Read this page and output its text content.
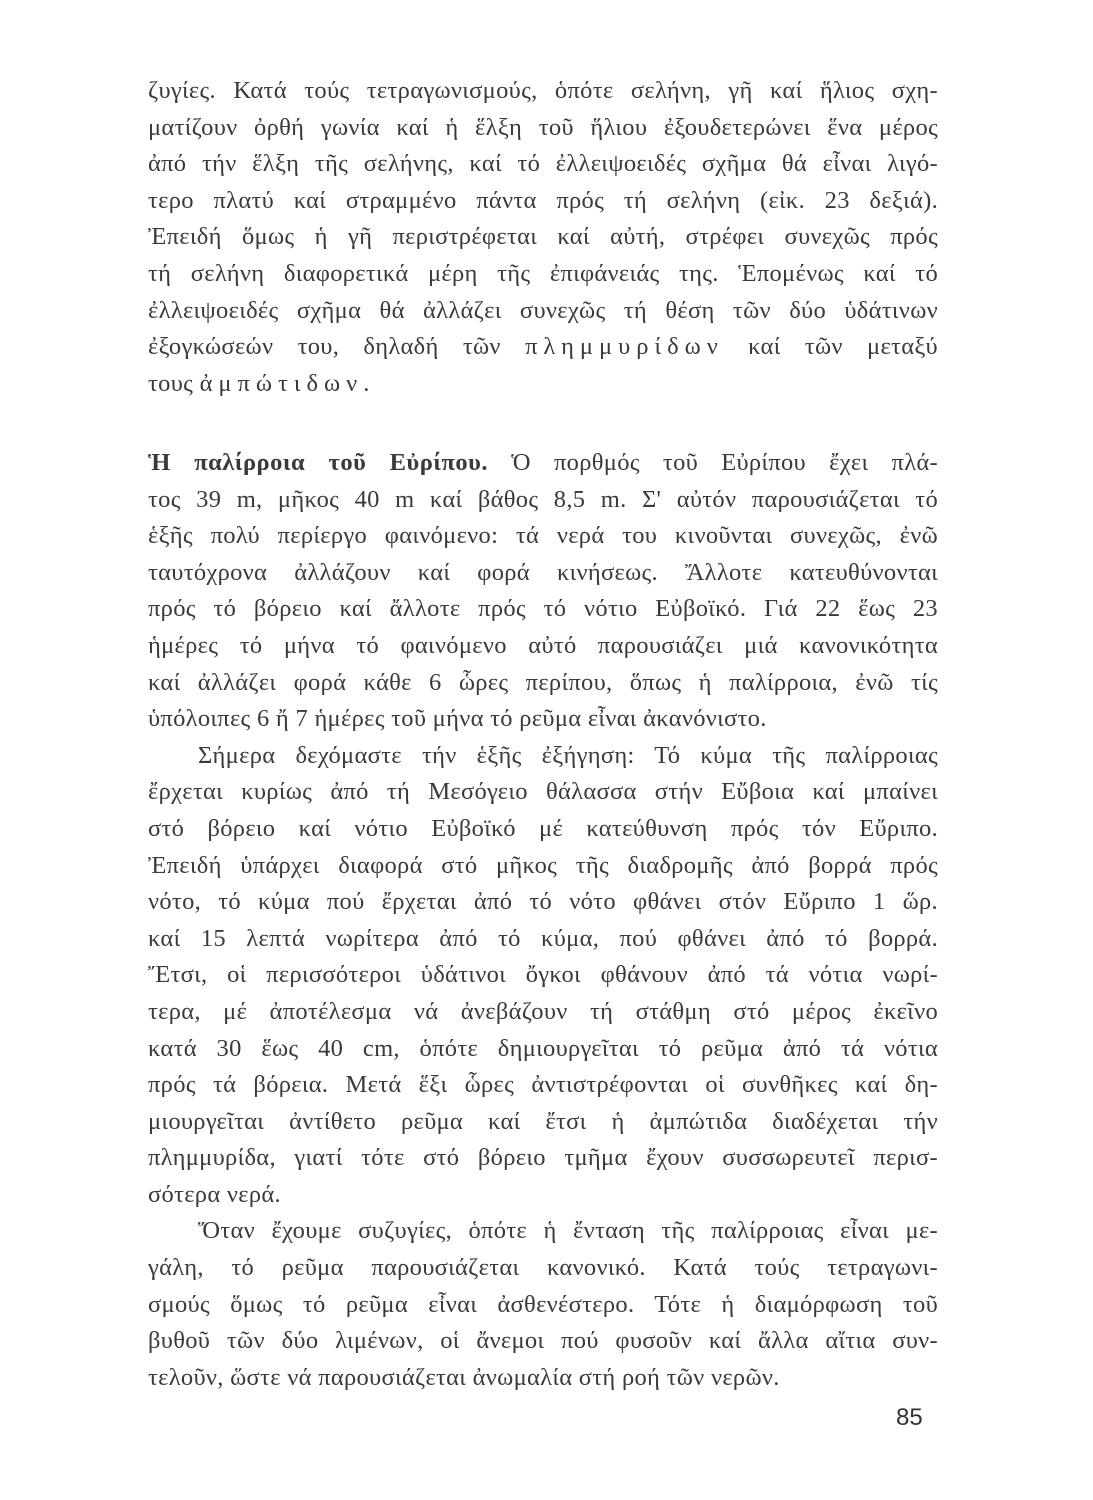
ζυγίες. Κατά τούς τετραγωνισμούς, ὁπότε σελήνη, γῆ καί ἥλιος σχη-
ματίζουν ὀρθή γωνία καί ἡ ἕλξη τοῦ ἥλιου ἐξουδετερώνει ἕνα μέρος
ἀπό τήν ἕλξη τῆς σελήνης, καί τό ἐλλειψοειδές σχῆμα θά εἶναι λιγό-
τερο πλατύ καί στραμμένο πάντα πρός τή σελήνη (εἰκ. 23 δεξιά).
Ἐπειδή ὅμως ἡ γῆ περιστρέφεται καί αὐτή, στρέφει συνεχῶς πρός
τή σελήνη διαφορετικά μέρη τῆς ἐπιφάνειάς της. Ἑπομένως καί τό
ἐλλειψοειδές σχῆμα θά ἀλλάζει συνεχῶς τή θέση τῶν δύο ὑδάτινων
ἐξογκώσεών του, δηλαδή τῶν πλημμυρίδων καί τῶν μεταξύ
τους ἀμπώτιδων.
Ἡ παλίρροια τοῦ Εὐρίπου. Ὁ πορθμός τοῦ Εὐρίπου ἔχει πλά-
τος 39 m, μῆκος 40 m καί βάθος 8,5 m. Σ' αὐτόν παρουσιάζεται τό
ἑξῆς πολύ περίεργο φαινόμενο: τά νερά του κινοῦνται συνεχῶς, ἐνῶ
ταυτόχρονα ἀλλάζουν καί φορά κινήσεως. Ἄλλοτε κατευθύνονται
πρός τό βόρειο καί ἄλλοτε πρός τό νότιο Εὐβοϊκό. Γιά 22 ἕως 23
ἡμέρες τό μήνα τό φαινόμενο αὐτό παρουσιάζει μιά κανονικότητα
καί ἀλλάζει φορά κάθε 6 ὧρες περίπου, ὅπως ἡ παλίρροια, ἐνῶ τίς
ὑπόλοιπες 6 ἤ 7 ἡμέρες τοῦ μήνα τό ρεῦμα εἶναι ἀκανόνιστο.
Σήμερα δεχόμαστε τήν ἑξῆς ἐξήγηση: Τό κύμα τῆς παλίρροιας
ἔρχεται κυρίως ἀπό τή Μεσόγειο θάλασσα στήν Εὔβοια καί μπαίνει
στό βόρειο καί νότιο Εὐβοϊκό μέ κατεύθυνση πρός τόν Εὔριπο.
Ἐπειδή ὑπάρχει διαφορά στό μῆκος τῆς διαδρομῆς ἀπό βορρά πρός
νότο, τό κύμα πού ἔρχεται ἀπό τό νότο φθάνει στόν Εὔριπο 1 ὥρ.
καί 15 λεπτά νωρίτερα ἀπό τό κύμα, πού φθάνει ἀπό τό βορρά.
Ἔτσι, οἱ περισσότεροι ὑδάτινοι ὄγκοι φθάνουν ἀπό τά νότια νωρί-
τερα, μέ ἀποτέλεσμα νά ἀνεβάζουν τή στάθμη στό μέρος ἐκεῖνο
κατά 30 ἕως 40 cm, ὁπότε δημιουργεῖται τό ρεῦμα ἀπό τά νότια
πρός τά βόρεια. Μετά ἕξι ὧρες ἀντιστρέφονται οἱ συνθῆκες καί δη-
μιουργεῖται ἀντίθετο ρεῦμα καί ἔτσι ἡ ἀμπώτιδα διαδέχεται τήν
πλημμυρίδα, γιατί τότε στό βόρειο τμῆμα ἔχουν συσσωρευτεῖ περισ-
σότερα νερά.
Ὅταν ἔχουμε συζυγίες, ὁπότε ἡ ἔνταση τῆς παλίρροιας εἶναι με-
γάλη, τό ρεῦμα παρουσιάζεται κανονικό. Κατά τούς τετραγωνι-
σμούς ὅμως τό ρεῦμα εἶναι ἀσθενέστερο. Τότε ἡ διαμόρφωση τοῦ
βυθοῦ τῶν δύο λιμένων, οἱ ἄνεμοι πού φυσοῦν καί ἄλλα αἴτια συν-
τελοῦν, ὥστε νά παρουσιάζεται ἀνωμαλία στή ροή τῶν νερῶν.
85
